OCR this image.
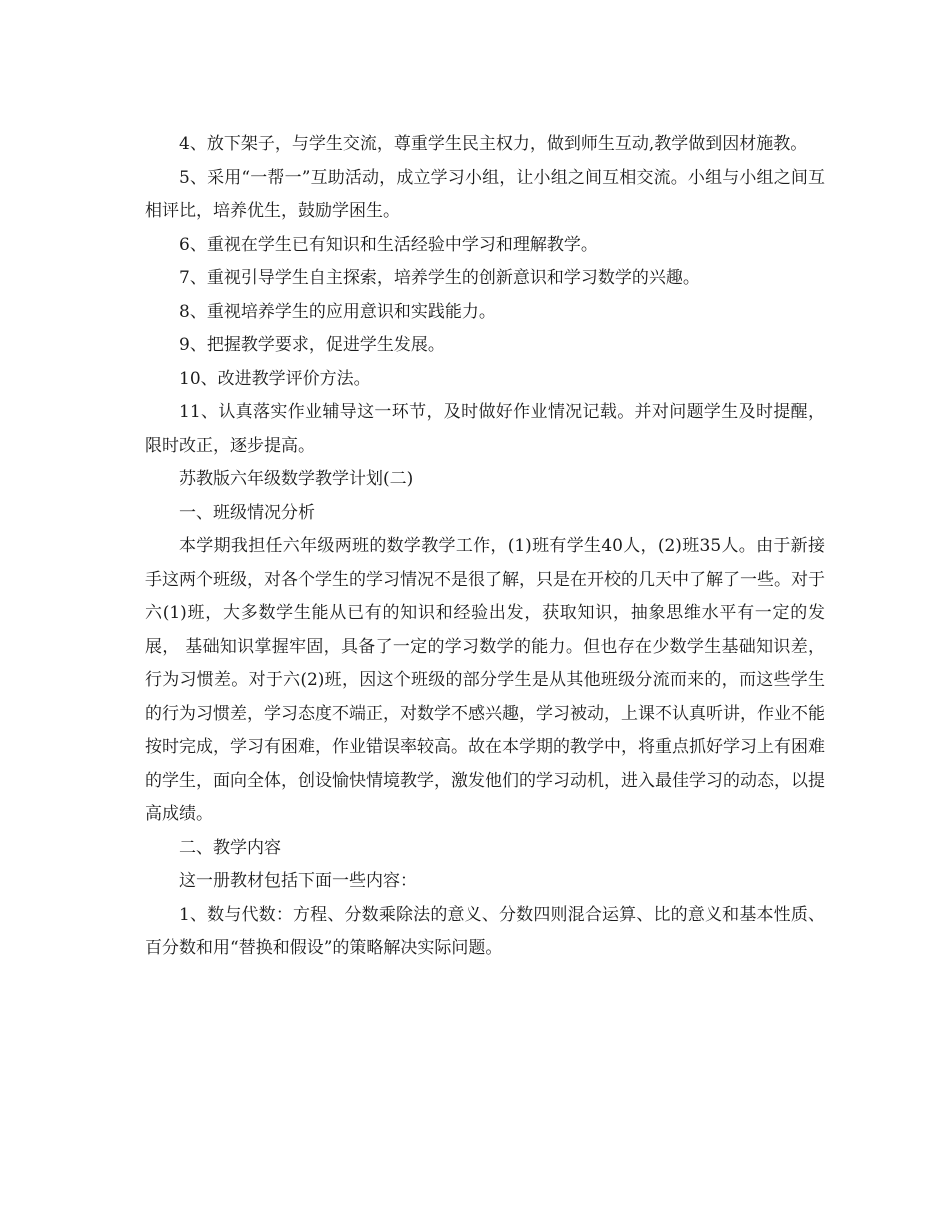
4、放下架子，与学生交流，尊重学生民主权力，做到师生互动,教学做到因材施教。

5、采用“一帮一”互助活动，成立学习小组，让小组之间互相交流。小组与小组之间互相评比，培养优生，鼓励学困生。

6、重视在学生已有知识和生活经验中学习和理解教学。

7、重视引导学生自主探索，培养学生的创新意识和学习数学的兴趣。

8、重视培养学生的应用意识和实践能力。

9、把握教学要求，促进学生发展。

10、改进教学评价方法。

11、认真落实作业辅导这一环节，及时做好作业情况记载。并对问题学生及时提醒，限时改正，逐步提高。

苏教版六年级数学教学计划(二)

一、班级情况分析

本学期我担任六年级两班的数学教学工作，(1)班有学生40人，(2)班35人。由于新接手这两个班级，对各个学生的学习情况不是很了解，只是在开校的几天中了解了一些。对于六(1)班，大多数学生能从已有的知识和经验出发，获取知识，抽象思维水平有一定的发展， 基础知识掌握牢固，具备了一定的学习数学的能力。但也存在少数学生基础知识差，行为习惯差。对于六(2)班，因这个班级的部分学生是从其他班级分流而来的，而这些学生的行为习惯差，学习态度不端正，对数学不感兴趣，学习被动，上课不认真听讲，作业不能按时完成，学习有困难，作业错误率较高。故在本学期的教学中，将重点抓好学习上有困难的学生，面向全体，创设愉快情境教学，激发他们的学习动机，进入最佳学习的动态，以提高成绩。

二、教学内容

这一册教材包括下面一些内容：

1、数与代数：方程、分数乘除法的意义、分数四则混合运算、比的意义和基本性质、百分数和用“替换和假设”的策略解决实际问题。
